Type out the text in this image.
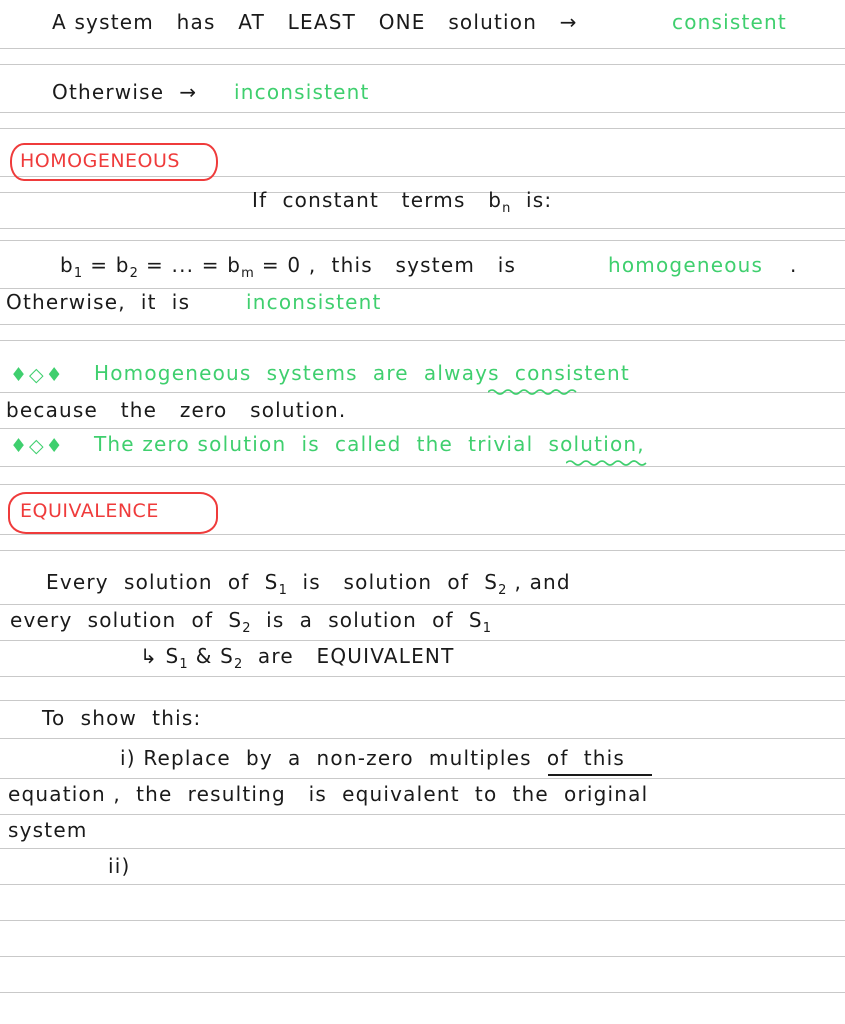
A system   has   AT   LEAST   ONE   solution   →	consistent
Otherwise  → inconsistent
HOMOGENEOUS
If  constant   terms   $b_n$  is:
$b_1 = b_2$ = ... = $b_m = 0$ ,  this   system   is	homogeneous .
Otherwise,  it  is	inconsistent
♦◇♦ Homogeneous  systems  are  always  consistent
because   the   zero   solution.
♦◇♦ The zero solution  is  called  the  trivial  solution,
EQUIVALENCE
Every  solution  of  $S_1$  is   solution  of  $S_2$ , and
every  solution  of  $S_2$  is  a  solution  of  $S_1$
↳ $S_1$ & $S_2$  are   EQUIVALENT
To  show  this:
i) Replace  by  a  non-zero  multiples  of  this
equation ,  the  resulting   is  equivalent  to  the  original
system
ii)
